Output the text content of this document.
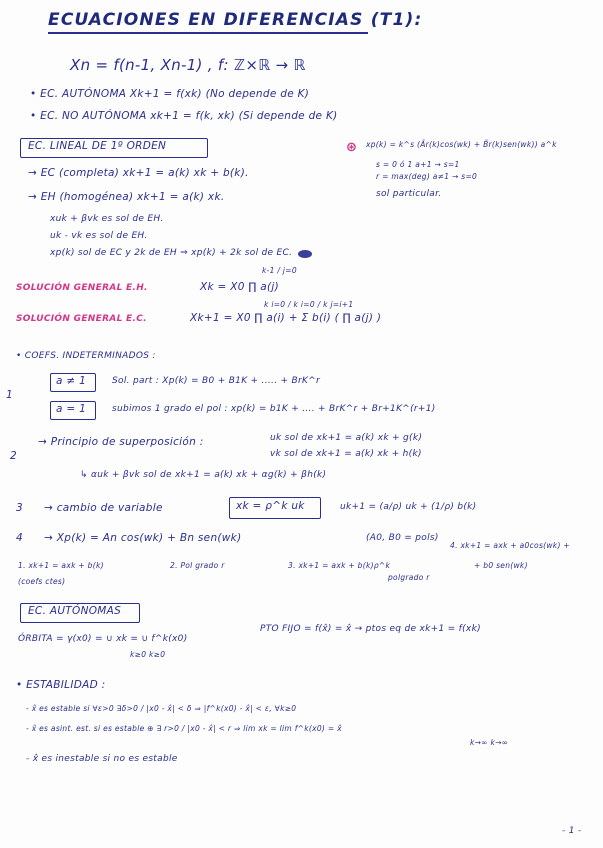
ECUACIONES EN DIFERENCIAS (T1):
Xn = f(n-1, Xn-1) , f: ℤ×ℝ → ℝ
• EC. AUTÓNOMA Xk+1 = f(xk) (No depende de K)
• EC. NO AUTÓNOMA xk+1 = f(k, xk) (Si depende de K)
EC. LINEAL DE 1º ORDEN
→ EC (completa) xk+1 = a(k) xk + b(k).
→ EH (homogénea) xk+1 = a(k) xk.
xuk + βvk es sol de EH.
uk - vk es sol de EH.
xp(k) sol de EC y 2k de EH ⇒ xp(k) + 2k sol de EC.
⊛ xp(k) = k^s (Ãr(k)cos(wk) + B̃r(k)sen(wk)) a^k
s = 0 ó 1 a+1 → s=1
r = max(deg) a≠1 → s=0
sol particular.
SOLUCIÓN GENERAL E.H.	Xk = X0 ∏ a(j)
k-1 / j=0
SOLUCIÓN GENERAL E.C.	Xk+1 = X0 ∏ a(i) + Σ b(i) ( ∏ a(j) )
k i=0 / k i=0 / k j=i+1
• COEFS. INDETERMINADOS :
1
a ≠ 1	Sol. part : Xp(k) = B0 + B1K + ..... + BrK^r
a = 1	subimos 1 grado el pol : xp(k) = b1K + .... + BrK^r + Br+1K^(r+1)
2
→ Principio de superposición :	uk sol de xk+1 = a(k) xk + g(k)
vk sol de xk+1 = a(k) xk + h(k)
↳ αuk + βvk sol de xk+1 = a(k) xk + αg(k) + βh(k)
3 → cambio de variable	xk = ρ^k uk	uk+1 = (a/ρ) uk + (1/ρ) b(k)
4 → Xp(k) = An cos(wk) + Bn sen(wk)	(A0, B0 = pols)
1. xk+1 = axk + b(k)	2. Pol grado r	3. xk+1 = axk + b(k)ρ^k
polgrado r
4. xk+1 = axk + a0cos(wk) +
+ b0 sen(wk)
(coefs ctes)
EC. AUTÓNOMAS
ÓRBITA = γ(x0) = ∪ xk = ∪ f^k(x0)
k≥0 k≥0
PTO FIJO = f(x̂) = x̂ → ptos eq de xk+1 = f(xk)
• ESTABILIDAD :
- x̂ es estable si ∀ε>0 ∃δ>0 / |x0 - x̂| < δ ⇒ |f^k(x0) - x̂| < ε, ∀k≥0
- x̂ es asint. est. si es estable ⊕ ∃ r>0 / |x0 - x̂| < r ⇒ lim xk = lim f^k(x0) = x̂
k→∞ k→∞
- x̂ es inestable si no es estable
- 1 -
